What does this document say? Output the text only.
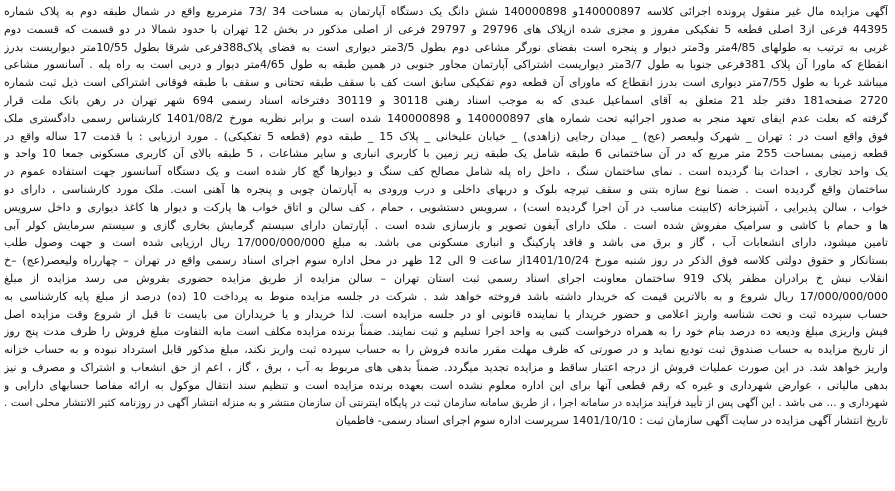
آگهی مزایده مال غیر منقول پرونده اجرائی کلاسه 140000897و 140000898 شش دانگ یک دستگاه آپارتمان به مساحت 34 /73 مترمربع واقع در شمال طبقه دوم به پلاک شماره
44395 فرعی از3 اصلی قطعه 5 تفکیکی مفروز و مجزی شده ازپلاک های 29796 و 29797 فرعی از اصلی مذکور در بخش 12 تهران با حدود شمالا در دو قسمت که قسمت دوم
غربی به ترتیب به طولهای 4/85متر و3متر دیوار و پنجره است بفضای نورگر مشاعی دوم بطول 3/5متر دیواری است به فضای پلاک388فرعی شرقا بطول 10/55متر دیواریست بدرز
انقطاع که ماورا آن پلاک 381فرعی جنوبا به طول 3/7متر دیواریست اشتراکی آپارتمان مجاور جنوبی در همین طبقه به طول 4/65متر دیوار و دربی است به راه پله . آسانسور مشاعی
میباشد غربا به طول 7/55متر دیواری است بدرز انقطاع که ماورای آن قطعه دوم تفکیکی سابق است کف با سقف طبقه تحتانی و سقف با طبقه فوقانی اشتراکی است ذیل ثبت شماره
2720 صفحه181 دفتر جلد 21 متعلق به آقای اسماعیل عبدی که به موجب اسناد رهنی 30118 و 30119 دفترخانه اسناد رسمی 694 شهر تهران در رهن بانک ملت قرار
گرفته که بعلت عدم ایفای تعهد منجر به صدور اجرائیه تحت شماره های 140000897 و 140000898 شده است و برابر نظریه مورخ 1401/08/2 کارشناس رسمی دادگستری ملک
فوق واقع است در : تهران _ شهرک ولیعصر (عج) _ میدان رجایی (زاهدی) _ خیابان علیخانی _ پلاک 15 _ طبقه دوم (قطعه 5 تفکیکی) . مورد ارزیابی : با قدمت 17 ساله واقع در
قطعه زمینی بمساحت 255 متر مربع که در آن ساختمانی 6 طبقه شامل یک طبقه زیر زمین با کاربری انباری و سایر مشاعات ، 5 طبقه بالای آن کاربری مسکونی جمعا 10 واحد و
یک واحد تجاری ، احداث بنا گردیده است . نمای ساختمان سنگ ، داخل راه پله شامل مصالح کف سنگ و دیوارها گچ کار شده است و یک دستگاه آسانسور جهت استفاده عموم در
ساختمان واقع گردیده است . ضمنا نوع سازه بتنی و سقف تیرچه بلوک و دربهای داخلی و درب ورودی به آپارتمان چوبی و پنجره ها آهنی است. ملک مورد کارشناسی ، دارای دو
خواب ، سالن پذیرایی ، آشپزخانه (کابینت مناسب در آن اجرا گردیده است) ، سرویس دستشویی ، حمام ، کف سالن و اتاق خواب ها پارکت و دیوار ها کاغذ دیواری و داخل سرویس
ها و حمام با کاشی و سرامیک مفروش شده است . ملک دارای آیفون تصویر و بازسازی شده است . آپارتمان دارای سیستم گرمایش بخاری گازی و سیستم سرمایش کولر آبی
تامین میشود، دارای انشعابات آب ، گاز و برق می باشد و فاقد پارکینگ و انباری مسکونی می باشد. به مبلغ 17/000/000/000 ریال ارزیابی شده است و جهت وصول طلب
بستانکار و حقوق دولتی کلاسه فوق الذکر در روز شنبه مورخ 1401/10/24از ساعت 9 الی 12 ظهر در محل اداره سوم اجرای اسناد رسمی واقع در تهران – چهارراه ولیعصر(عج) –خ
انقلاب نبش خ برادران مظفر پلاک 919 ساختمان معاونت اجرای اسناد رسمی ثبت استان تهران – سالن مزایده از طریق مزایده حضوری بفروش می رسد مزایده از مبلغ
17/000/000/000 ریال شروع و به بالاترین قیمت که خریدار داشته باشد فروخته خواهد شد . شرکت در جلسه مزایده منوط به پرداخت 10 (ده) درصد از مبلغ پایه کارشناسی به
حساب سپرده ثبت و تحت شناسه واریز اعلامی و حضور خریدار یا نماینده قانونی او در جلسه مزایده است. لذا خریدار و یا خریداران می بایست تا قبل از شروع وقت مزایده اصل
فیش واریزی مبلغ ودیعه ده درصد بنام خود را به همراه درخواست کتبی به واحد اجرا تسلیم و ثبت نمایند. ضمناً برنده مزایده مکلف است مابه التفاوت مبلغ فروش را ظرف مدت پنج روز
از تاریخ مزایده به حساب صندوق ثبت تودیع نماید و در صورتی که ظرف مهلت مقرر مانده فروش را به حساب سپرده ثبت واریز نکند، مبلغ مذکور قابل استرداد نبوده و به حساب خزانه
واریز خواهد شد. در این صورت عملیات فروش از درجه اعتبار ساقط و مزایده تجدید میگردد. ضمناً بدهی های مربوط به آب ، برق ، گاز ، اعم از حق انشعاب و اشتراک و مصرف و نیز
بدهی مالیاتی ، عوارض شهرداری و غیره که رقم قطعی آنها برای این اداره معلوم نشده است بعهده برنده مزایده است و تنظیم سند انتقال موکول به ارائه مفاصا حسابهای دارایی و
شهرداری و … می باشد . این آگهی پس از تأیید فرآیند مزایده در سامانه اجرا ، از طریق سامانه سازمان ثبت در پایگاه اینترنتی آن سازمان منتشر و به منزله انتشار آگهی در روزنامه کثیر الانتشار محلی است .
تاریخ انتشار آگهی مزایده در سایت آگهی سازمان ثبت : 1401/10/10 سرپرست اداره سوم اجرای اسناد رسمی- فاطمیان
